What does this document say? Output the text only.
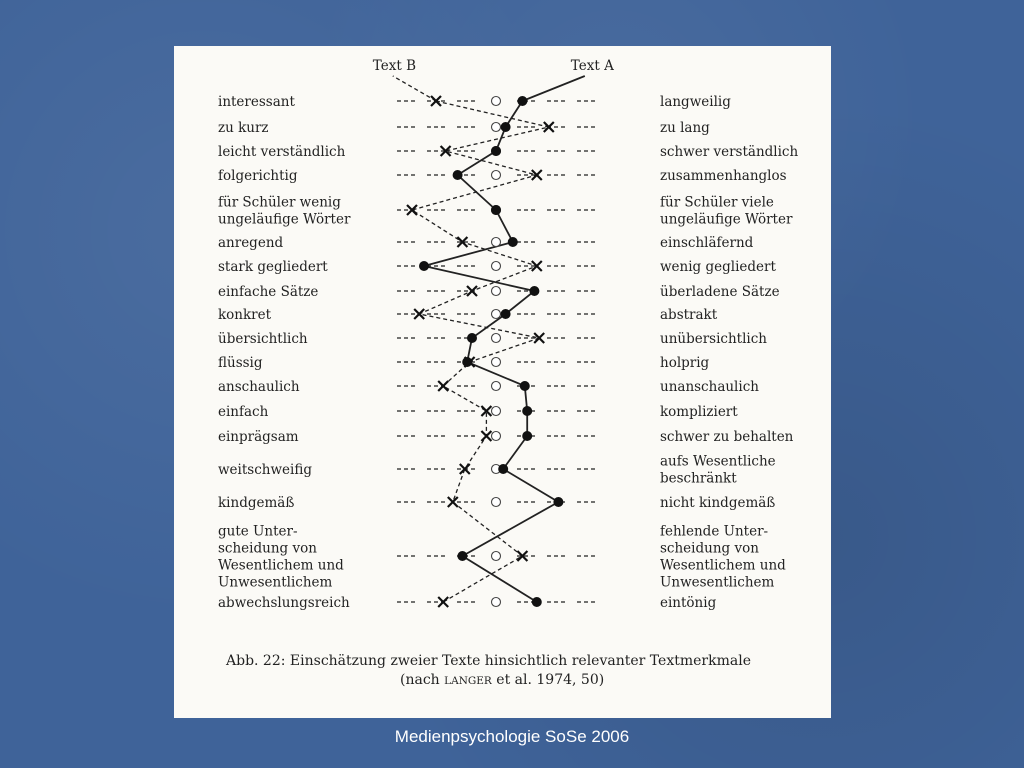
interessant
zu kurz
leicht verständlich
folgerichtig
für Schüler wenig
ungeläufige Wörter
anregend
stark gegliedert
einfache Sätze
konkret
übersichtlich
flüssig
anschaulich
einfach
einprägsam
weitschweifig
kindgemäß
gute Unter-
scheidung von
Wesentlichem und
Unwesentlichem
abwechslungsreich
langweilig
zu lang
schwer verständlich
zusammenhanglos
für Schüler viele
ungeläufige Wörter
einschläfernd
wenig gegliedert
überladene Sätze
abstrakt
unübersichtlich
holprig
unanschaulich
kompliziert
schwer zu behalten
aufs Wesentliche
beschränkt
nicht kindgemäß
fehlende Unter-
scheidung von
Wesentlichem und
Unwesentlichem
eintönig
Text A
Text B
Abb. 22: Einschätzung zweier Texte hinsichtlich relevanter Textmerkmale
(nach LANGER et al. 1974, 50)
Medienpsychologie SoSe 2006
